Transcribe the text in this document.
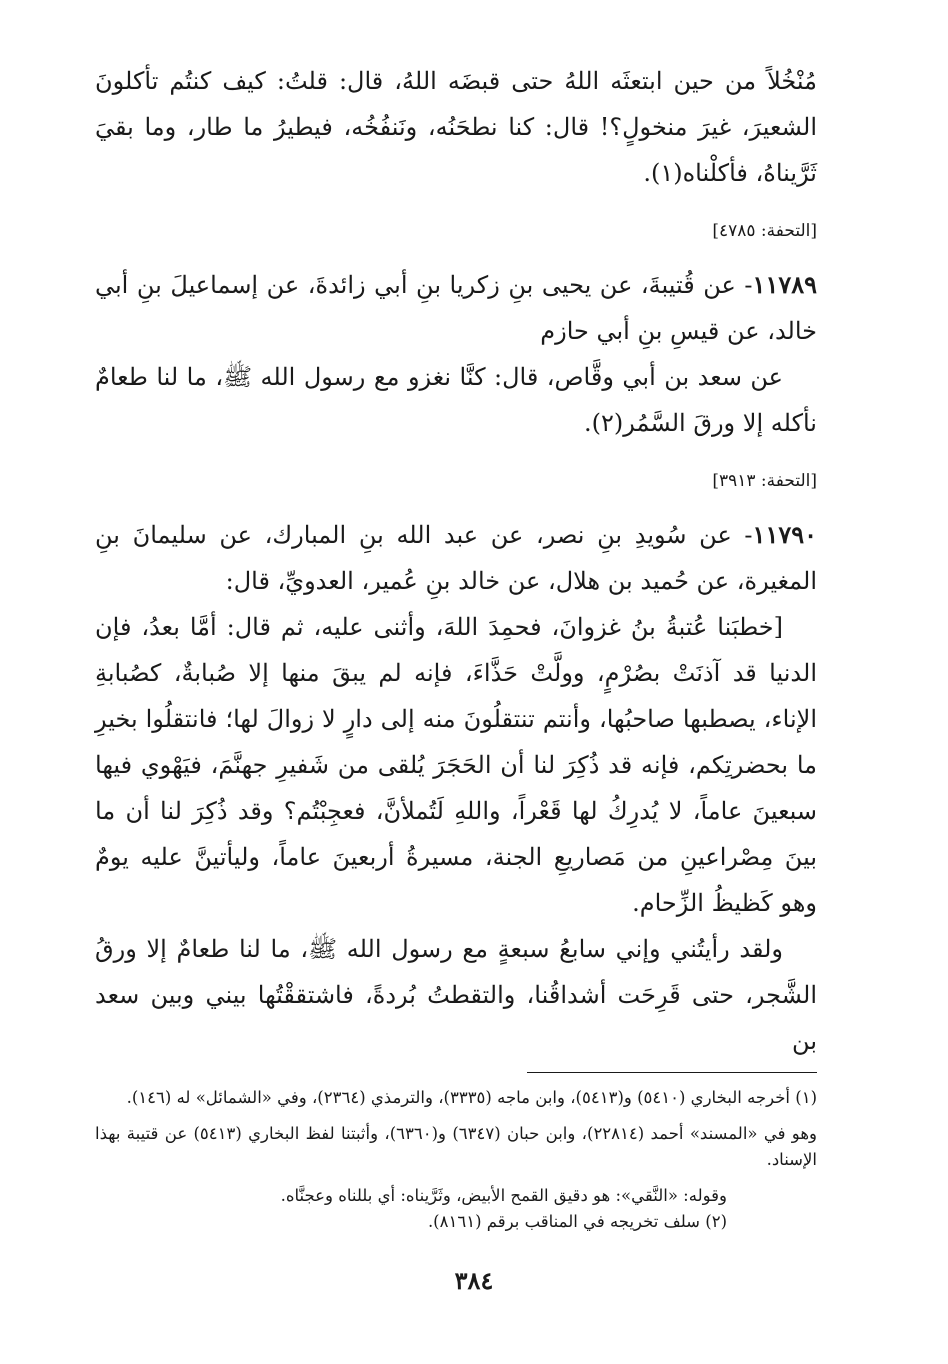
مُنْخُلاً من حين ابتعثَه اللهُ حتى قبضَه اللهُ، قال: قلتُ: كيف كنتُم تأكلونَ الشعيرَ، غيرَ منخولٍ؟! قال: كنا نطحَنُه، ونَنفُخُه، فيطيرُ ما طار، وما بقيَ ثَرَّيناهُ، فأكلْناه(١).

[التحفة: ٤٧٨٥]

١١٧٨٩- عن قُتيبةَ، عن يحيى بنِ زكريا بنِ أبي زائدةَ، عن إسماعيلَ بنِ أبي خالد، عن قيسِ بنِ أبي حازم

عن سعد بن أبي وقَّاص، قال: كنَّا نغزو مع رسول الله ﷺ، ما لنا طعامٌ نأكله إلا ورقَ السَّمُر(٢).

[التحفة: ٣٩١٣]

١١٧٩٠- عن سُويدِ بنِ نصر، عن عبد الله بنِ المبارك، عن سليمانَ بنِ المغيرة، عن حُميد بن هلال، عن خالد بنِ عُمير، العدويِّ، قال:

[خطبَنا عُتبةُ بنُ غزوانَ، فحمِدَ اللهَ، وأثنى عليه، ثم قال: أمَّا بعدُ، فإن الدنيا قد آذنَتْ بصُرْمٍ، وولَّتْ حَذَّاءَ، فإنه لم يبقَ منها إلا صُبابةٌ، كصُبابةِ الإناء، يصطبها صاحبُها، وأنتم تنتقلُونَ منه إلى دارٍ لا زوالَ لها؛ فانتقلُوا بخيرِ ما بحضرتِكم، فإنه قد ذُكِرَ لنا أن الحَجَرَ يُلقى من شَفيرِ جهنَّمَ، فيَهْوي فيها سبعينَ عاماً، لا يُدرِكُ لها قَعْراً، واللهِ لَتُملأنَّ، فعجِبْتُم؟ وقد ذُكِرَ لنا أن ما بينَ مِصْراعينِ من مَصاريعِ الجنة، مسيرةُ أربعينَ عاماً، وليأتينَّ عليه يومٌ وهو كَظيظُ الزِّحام.

ولقد رأيتُني وإني سابعُ سبعةٍ مع رسول الله ﷺ، ما لنا طعامٌ إلا ورقُ الشَّجر، حتى قَرِحَت أشداقُنا، والتقطتُ بُردةً، فاشتققْتُها بيني وبين سعد بن

(١) أخرجه البخاري (٥٤١٠) و(٥٤١٣)، وابن ماجه (٣٣٣٥)، والترمذي (٢٣٦٤)، وفي «الشمائل» له (١٤٦).

وهو في «المسند» أحمد (٢٢٨١٤)، وابن حبان (٦٣٤٧) و(٦٣٦٠)، وأثبتنا لفظ البخاري (٥٤١٣) عن قتيبة بهذا الإسناد.

وقوله: «النَّقي»: هو دقيق القمح الأبيض، وثَرَّيناه: أي بللناه وعجنَّاه.

(٢) سلف تخريجه في المناقب برقم (٨١٦١).

٣٨٤
